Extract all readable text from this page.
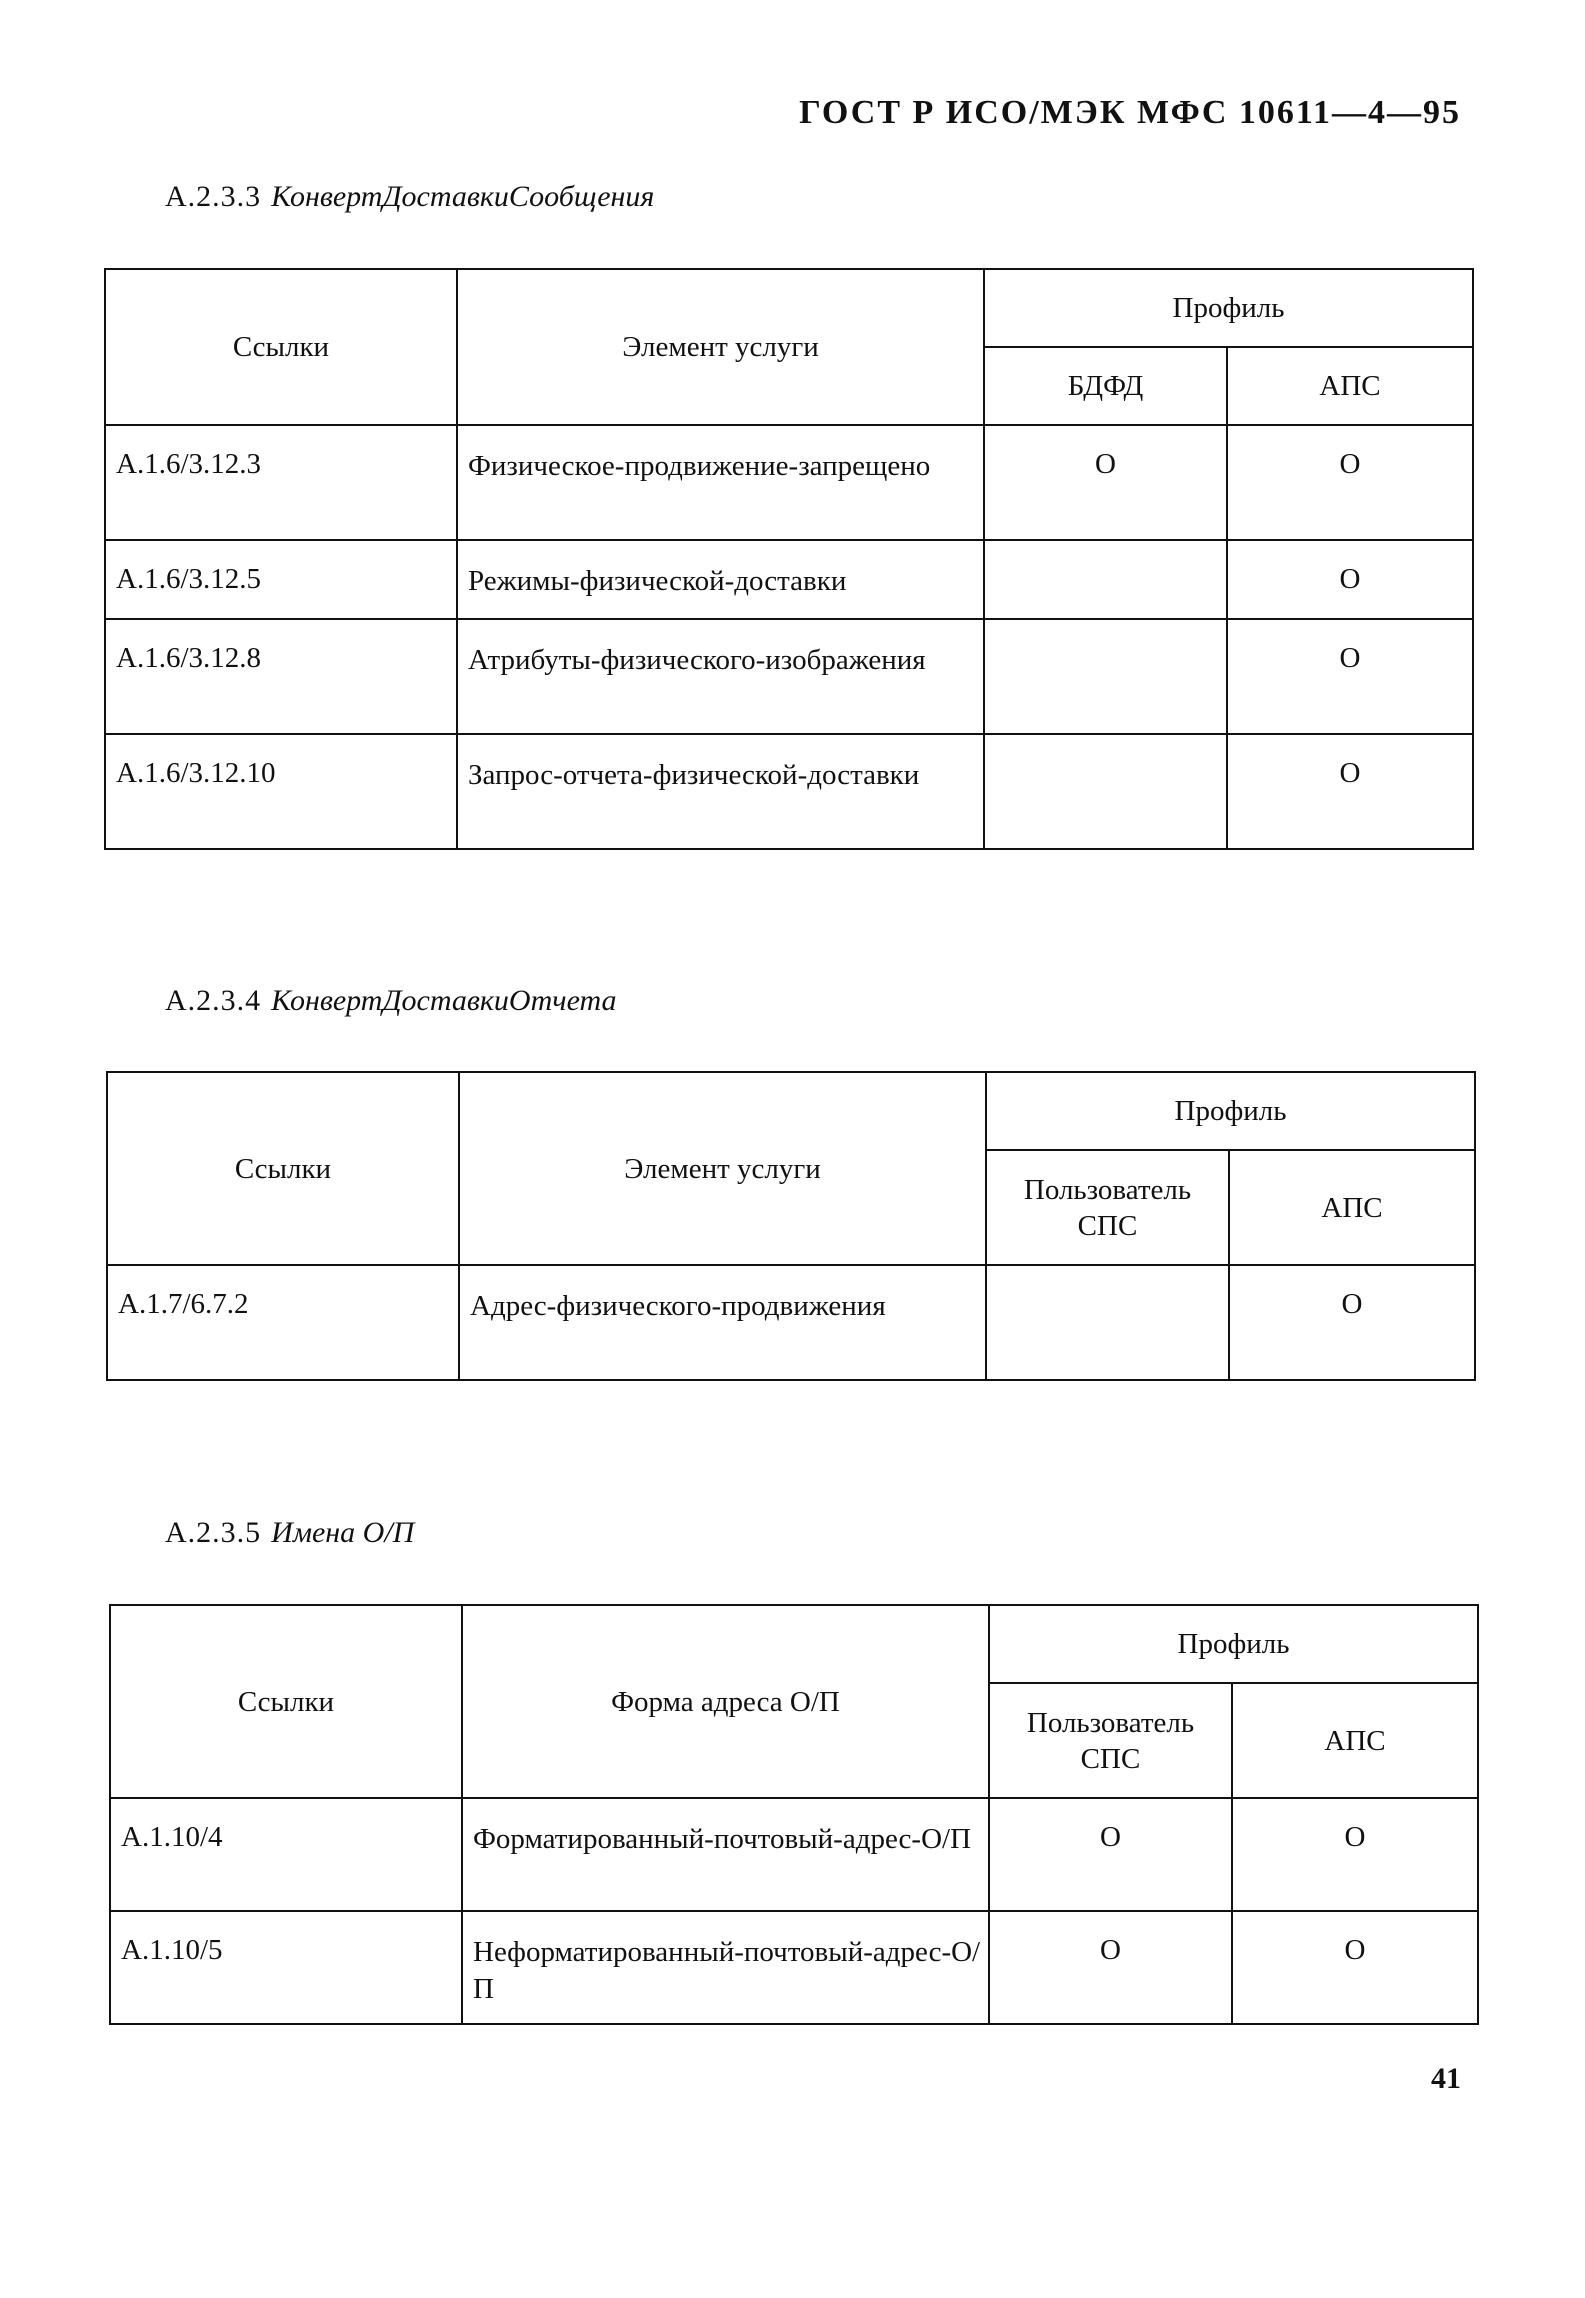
ГОСТ Р ИСО/МЭК МФС 10611—4—95
А.2.3.3 КонвертДоставкиСообщения
Ссылки	Элемент услуги	Профиль	
		БДФД	АПС
А.1.6/3.12.3	Физическое-продвижение-запрещено	О	О
А.1.6/3.12.5	Режимы-физической-доставки		О
А.1.6/3.12.8	Атрибуты-физического-изображения		О
А.1.6/3.12.10	Запрос-отчета-физической-доставки		О
А.2.3.4 КонвертДоставкиОтчета
Ссылки	Элемент услуги	Профиль	
		Пользователь СПС	АПС
А.1.7/6.7.2	Адрес-физического-продвижения		О
А.2.3.5 Имена О/П
Ссылки	Форма адреса О/П	Профиль	
		Пользователь СПС	АПС
А.1.10/4	Форматированный-почтовый-адрес-О/П	О	О
А.1.10/5	Неформатированный-почтовый-адрес-О/П	О	О
41
